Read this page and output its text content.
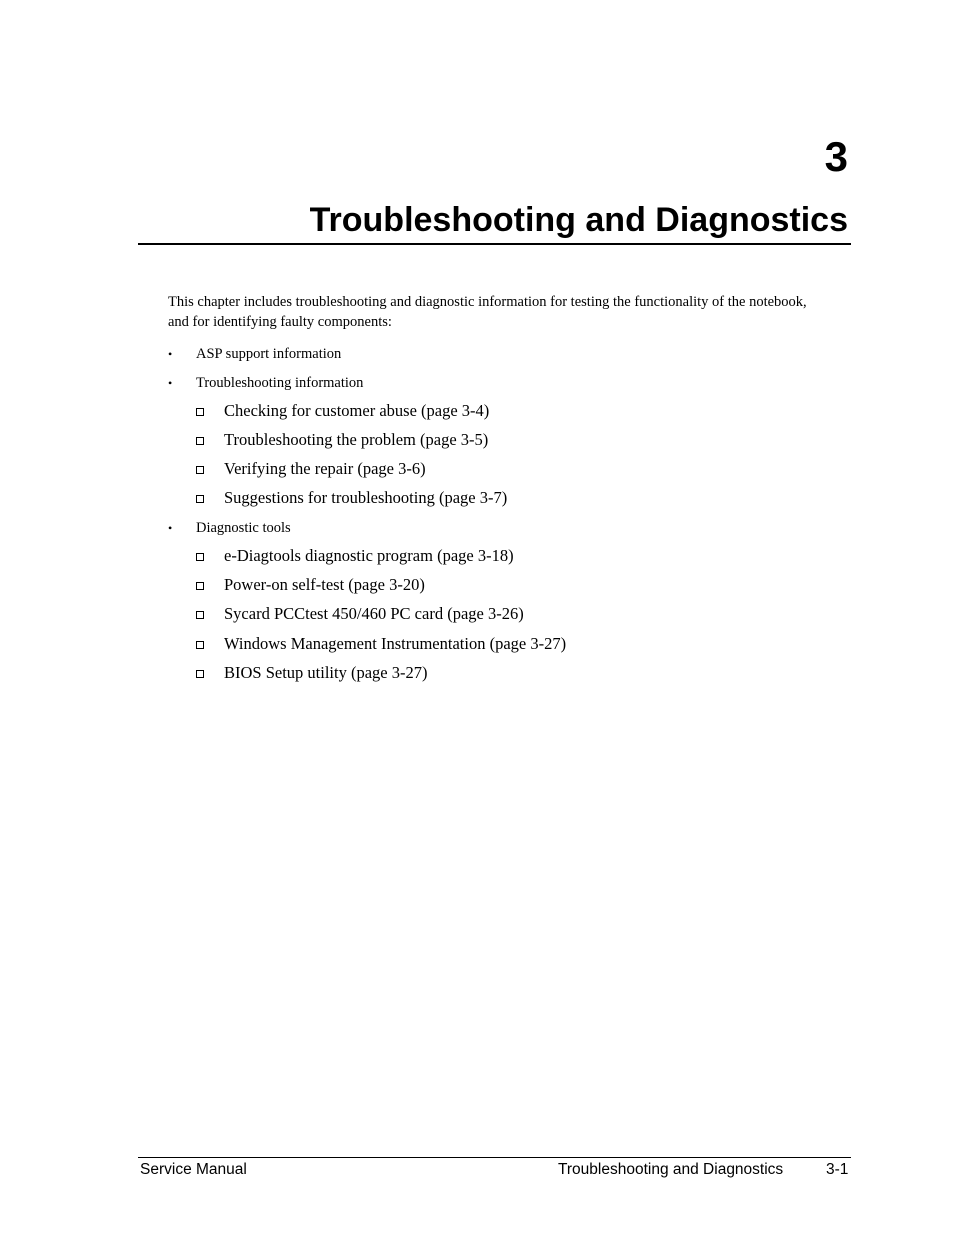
3
Troubleshooting and Diagnostics

This chapter includes troubleshooting and diagnostic information for testing the functionality of the notebook, and for identifying faulty components:

• ASP support information
• Troubleshooting information
Checking for customer abuse (page 3-4)
Troubleshooting the problem (page 3-5)
Verifying the repair (page 3-6)
Suggestions for troubleshooting (page 3-7)
• Diagnostic tools
e-Diagtools diagnostic program (page 3-18)
Power-on self-test (page 3-20)
Sycard PCCtest 450/460 PC card (page 3-26)
Windows Management Instrumentation (page 3-27)
BIOS Setup utility (page 3-27)
Service Manual	Troubleshooting and Diagnostics	3-1
